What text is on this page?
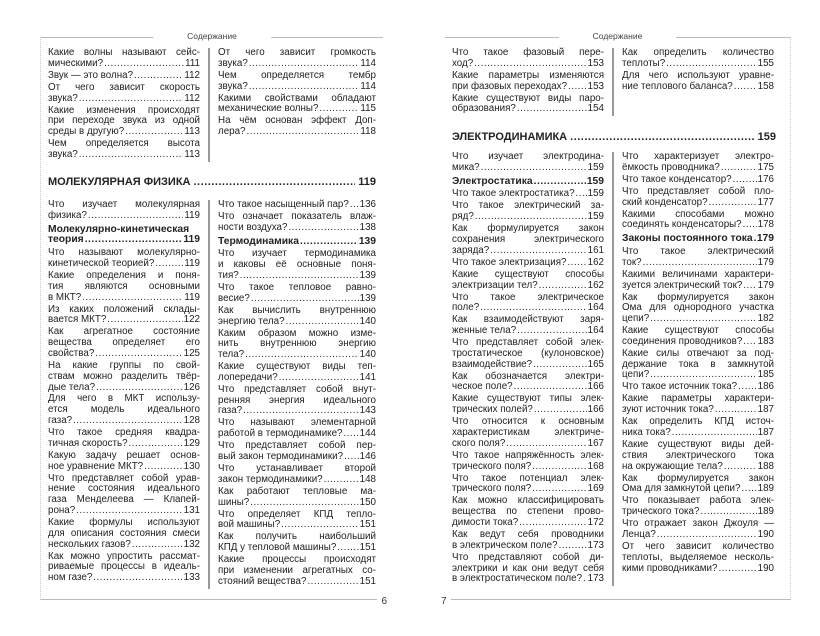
Содержание
Какие волны называют сейс-
мическими? .....	111
Звук — это волна? .....	112
От чего зависит скорость
звука? .....	112
Какие изменения происходят
при переходе звука из одной
среды в другую? .....	113
Чем определяется высота
звука? .....	113
От чего зависит громкость
звука? .....	114
Чем определяется тембр
звука? .....	114
Какими свойствами обладают
механические волны? .....	115
На чём основан эффект Доп-
лера? .....	118
МОЛЕКУЛЯРНАЯ ФИЗИКА .....	119
Что изучает молекулярная
физика? .....	119
Молекулярно-кинетическая
теория .....	119
Что называют молекулярно-
кинетической теорией? .....	119
Какие определения и поня-
тия являются основными
в МКТ? .....	119
Из каких положений склады-
вается МКТ? .....	122
Как агрегатное состояние
вещества определяет его
свойства? .....	125
На какие группы по свой-
ствам можно разделить твёр-
дые тела? .....	126
Для чего в МКТ использу-
ется модель идеального
газа? .....	128
Что такое средняя квадра-
тичная скорость? .....	129
Какую задачу решает основ-
ное уравнение МКТ? .....	130
Что представляет собой урав-
нение состояния идеального
газа Менделеева — Клапей-
рона? .....	131
Какие формулы используют
для описания состояния смеси
нескольких газов? .....	132
Как можно упростить рассмат-
риваемые процессы в идеаль-
ном газе? .....	133
Что такое насыщенный пар? ..... 136
Что означает показатель влаж-
ности воздуха? .....	138
Термодинамика .....	139
Что изучает термодинамика
и каковы её основные поня-
тия? .....	139
Что такое тепловое равно-
весие? .....	139
Как вычислить внутреннюю
энергию тела? .....	140
Каким образом можно изме-
нить внутреннюю энергию
тела? .....	140
Какие существуют виды теп-
лопередачи? .....	141
Что представляет собой внут-
ренняя энергия идеального
газа? .....	143
Что называют элементарной
работой в термодинамике? ..... 144
Что представляет собой пер-
вый закон термодинамики? ..... 146
Что устанавливает второй
закон термодинамики? .....	148
Как работают тепловые ма-
шины? .....	150
Что определяет КПД тепло-
вой машины? .....	151
Как получить наибольший
КПД у тепловой машины? ..... 151
Какие процессы происходят
при изменении агрегатных со-
стояний вещества? .....	151
6
Содержание
Что такое фазовый пере-
ход? .....	153
Какие параметры изменяются
при фазовых переходах? ..... 153
Какие существуют виды паро-
образования? .....	154
Как определить количество
теплоты? .....	155
Для чего используют уравне-
ние теплового баланса? .....	158
ЭЛЕКТРОДИНАМИКА .....	159
Что изучает электродина-
мика? .....	159
Электростатика .....	159
Что такое электростатика? ..... 159
Что такое электрический за-
ряд? .....	159
Как формулируется закон
сохранения электрического
заряда? .....	161
Что такое электризация? ..... 162
Какие существуют способы
электризации тел? .....	162
Что такое электрическое
поле? .....	164
Как взаимодействуют заря-
женные тела? .....	164
Что представляет собой элек-
тростатическое (кулоновское)
взаимодействие? .....	165
Как обозначается электри-
ческое поле? .....	166
Какие существуют типы элек-
трических полей? .....	166
Что относится к основным
характеристикам электриче-
ского поля? .....	167
Что такое напряжённость элек-
трического поля? .....	168
Что такое потенциал элек-
трического поля? .....	169
Как можно классифицировать
вещества по степени прово-
димости тока? .....	172
Как ведут себя проводники
в электрическом поле? .....	173
Что представляют собой ди-
электрики и как они ведут себя
в электростатическом поле? ..... 173
Что характеризует электро-
ёмкость проводника? .....	175
Что такое конденсатор? .....	176
Что представляет собой пло-
ский конденсатор? .....	177
Какими способами можно
соединять конденсаторы? ..... 178
Законы постоянного тока ..... 179
Что такое электрический
ток? .....	179
Какими величинами характери-
зуется электрический ток? ..... 179
Как формулируется закон
Ома для однородного участка
цепи? .....	182
Какие существуют способы
соединения проводников? ..... 183
Какие силы отвечают за под-
держание тока в замкнутой
цепи? .....	185
Что такое источник тока? ..... 186
Какие параметры характери-
зуют источник тока? .....	187
Как определить КПД источ-
ника тока? .....	187
Какие существуют виды дей-
ствия электрического тока
на окружающие тела? .....	188
Как формулируется закон
Ома для замкнутой цепи? ..... 189
Что показывает работа элек-
трического тока? .....	189
Что отражает закон Джоуля —
Ленца? .....	190
От чего зависит количество
теплоты, выделяемое несколь-
кими проводниками? .....	190
7
